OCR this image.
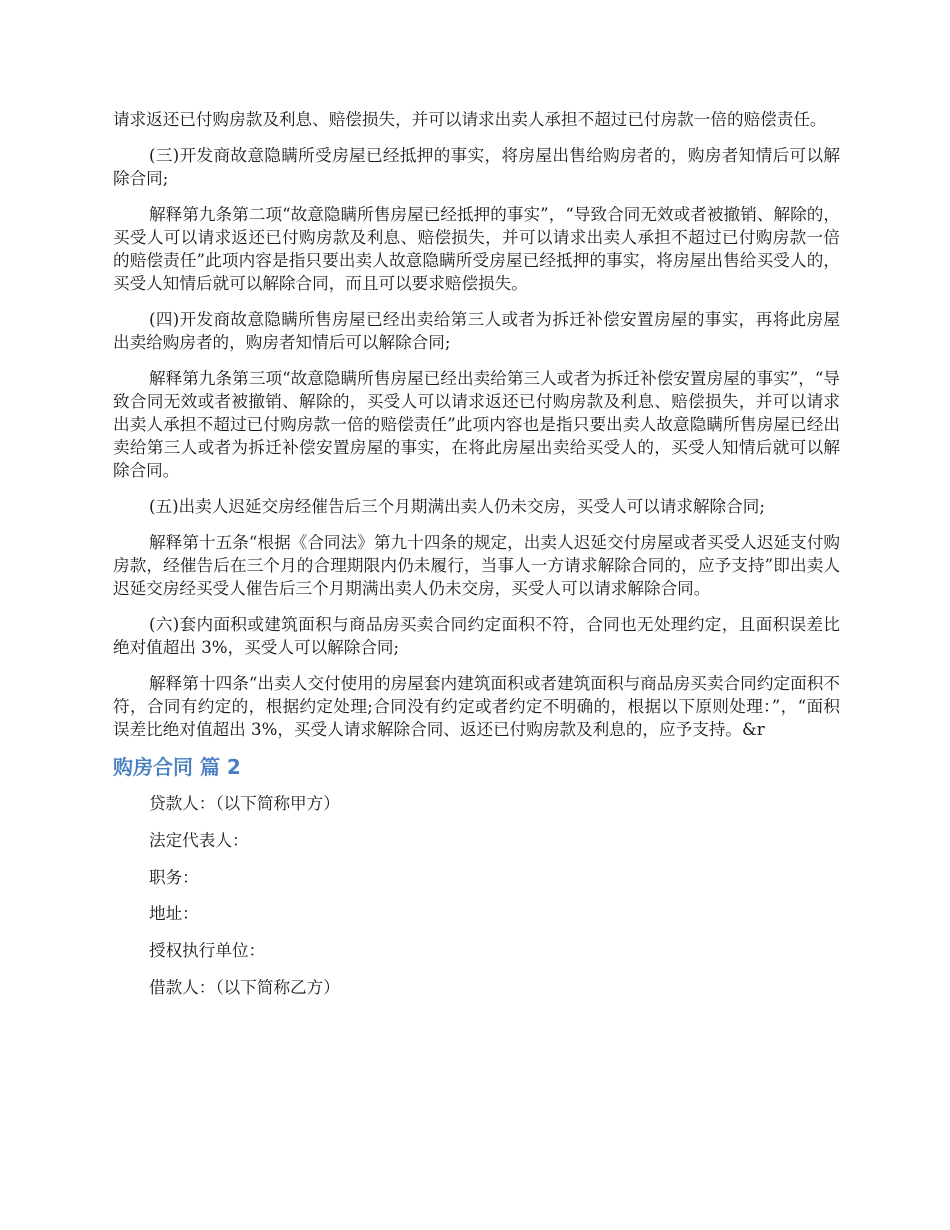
请求返还已付购房款及利息、赔偿损失，并可以请求出卖人承担不超过已付房款一倍的赔偿责任。

(三)开发商故意隐瞒所受房屋已经抵押的事实，将房屋出售给购房者的，购房者知情后可以解除合同;

解释第九条第二项“故意隐瞒所售房屋已经抵押的事实”，“导致合同无效或者被撤销、解除的，买受人可以请求返还已付购房款及利息、赔偿损失，并可以请求出卖人承担不超过已付购房款一倍的赔偿责任”此项内容是指只要出卖人故意隐瞒所受房屋已经抵押的事实，将房屋出售给买受人的，买受人知情后就可以解除合同，而且可以要求赔偿损失。

(四)开发商故意隐瞒所售房屋已经出卖给第三人或者为拆迁补偿安置房屋的事实，再将此房屋出卖给购房者的，购房者知情后可以解除合同;

解释第九条第三项“故意隐瞒所售房屋已经出卖给第三人或者为拆迁补偿安置房屋的事实”，“导致合同无效或者被撤销、解除的，买受人可以请求返还已付购房款及利息、赔偿损失，并可以请求出卖人承担不超过已付购房款一倍的赔偿责任”此项内容也是指只要出卖人故意隐瞒所售房屋已经出卖给第三人或者为拆迁补偿安置房屋的事实，在将此房屋出卖给买受人的，买受人知情后就可以解除合同。

(五)出卖人迟延交房经催告后三个月期满出卖人仍未交房，买受人可以请求解除合同;

解释第十五条“根据《合同法》第九十四条的规定，出卖人迟延交付房屋或者买受人迟延支付购房款，经催告后在三个月的合理期限内仍未履行，当事人一方请求解除合同的，应予支持”即出卖人迟延交房经买受人催告后三个月期满出卖人仍未交房，买受人可以请求解除合同。

(六)套内面积或建筑面积与商品房买卖合同约定面积不符，合同也无处理约定，且面积误差比绝对值超出 3%，买受人可以解除合同;

解释第十四条“出卖人交付使用的房屋套内建筑面积或者建筑面积与商品房买卖合同约定面积不符，合同有约定的，根据约定处理;合同没有约定或者约定不明确的，根据以下原则处理：”，“面积误差比绝对值超出 3%，买受人请求解除合同、返还已付购房款及利息的，应予支持。&r

购房合同 篇 2

贷款人：（以下简称甲方）

法定代表人：

职务：

地址：

授权执行单位：

借款人：（以下简称乙方）
